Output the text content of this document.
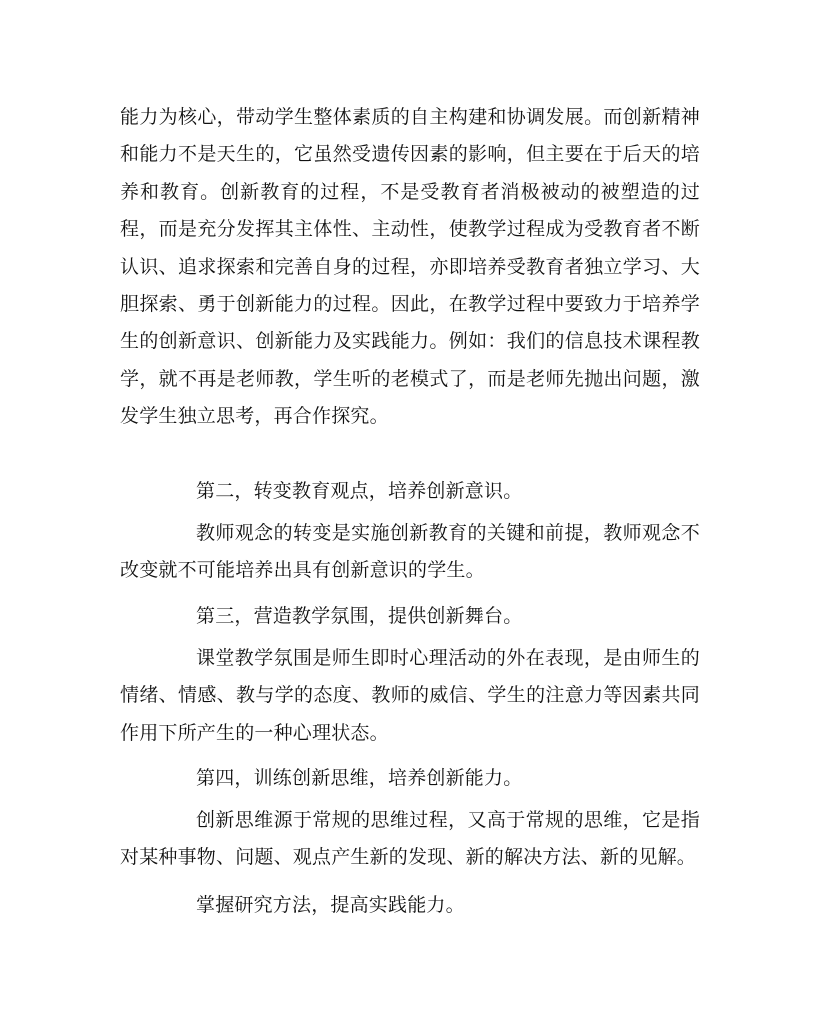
能力为核心，带动学生整体素质的自主构建和协调发展。而创新精神和能力不是天生的，它虽然受遗传因素的影响，但主要在于后天的培养和教育。创新教育的过程，不是受教育者消极被动的被塑造的过程，而是充分发挥其主体性、主动性，使教学过程成为受教育者不断认识、追求探索和完善自身的过程，亦即培养受教育者独立学习、大胆探索、勇于创新能力的过程。因此，在教学过程中要致力于培养学生的创新意识、创新能力及实践能力。例如：我们的信息技术课程教学，就不再是老师教，学生听的老模式了，而是老师先抛出问题，激发学生独立思考，再合作探究。

第二，转变教育观点，培养创新意识。

教师观念的转变是实施创新教育的关键和前提，教师观念不改变就不可能培养出具有创新意识的学生。

第三，营造教学氛围，提供创新舞台。

课堂教学氛围是师生即时心理活动的外在表现，是由师生的情绪、情感、教与学的态度、教师的威信、学生的注意力等因素共同作用下所产生的一种心理状态。

第四，训练创新思维，培养创新能力。

创新思维源于常规的思维过程，又高于常规的思维，它是指对某种事物、问题、观点产生新的发现、新的解决方法、新的见解。

掌握研究方法，提高实践能力。
